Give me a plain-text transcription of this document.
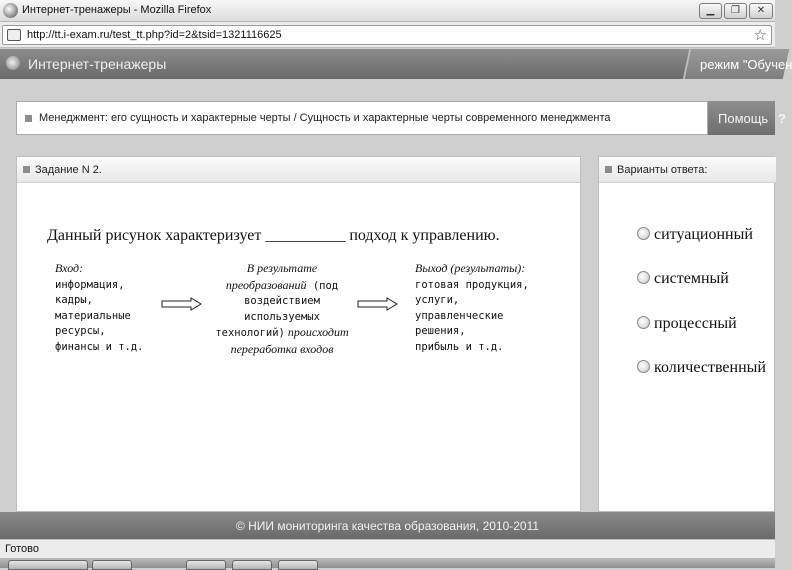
Интернет-тренажеры - Mozilla Firefox	▁	❐	✕
http://tt.i-exam.ru/test_tt.php?id=2&tsid=1321116625	☆
Интернет-тренажеры	режим "Обучен
Менеджмент: его сущность и характерные черты / Сущность и характерные черты современного менеджмента	Помощь ?
Задание N 2.
Данный рисунок характеризует __________ подход к управлению.
Вход:
информация,
кадры,
материальные
ресурсы,
финансы и т.д.
В результате
преобразований (под
воздействием
используемых
технологий) происходит
переработка входов
Выход (результаты):
готовая продукция,
услуги,
управленческие
решения,
прибыль и т.д.
Варианты ответа:
ситуационный
системный
процессный
количественный
© НИИ мониторинга качества образования, 2010-2011
Готово
